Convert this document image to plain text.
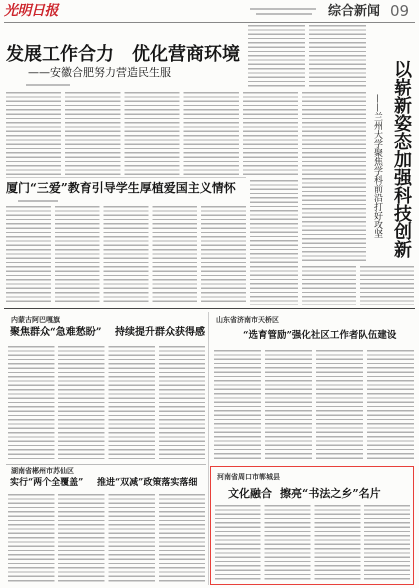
光明日报	综合新闻 09
发展工作合力　优化营商环境
——安徽合肥努力营造民生服	以崭新姿态加强科技创新
——兰州大学聚焦学科前沿打好攻坚
厦门“三爱”教育引导学生厚植爱国主义情怀
内蒙古阿巴嘎旗
聚焦群众“急难愁盼” 持续提升群众获得感
山东省济南市天桥区
“选育管励”强化社区工作者队伍建设
湖南省郴州市苏仙区
实行“两个全覆盖” 推进“双减”政策落实落细
河南省周口市郸城县
文化融合 擦亮“书法之乡”名片
